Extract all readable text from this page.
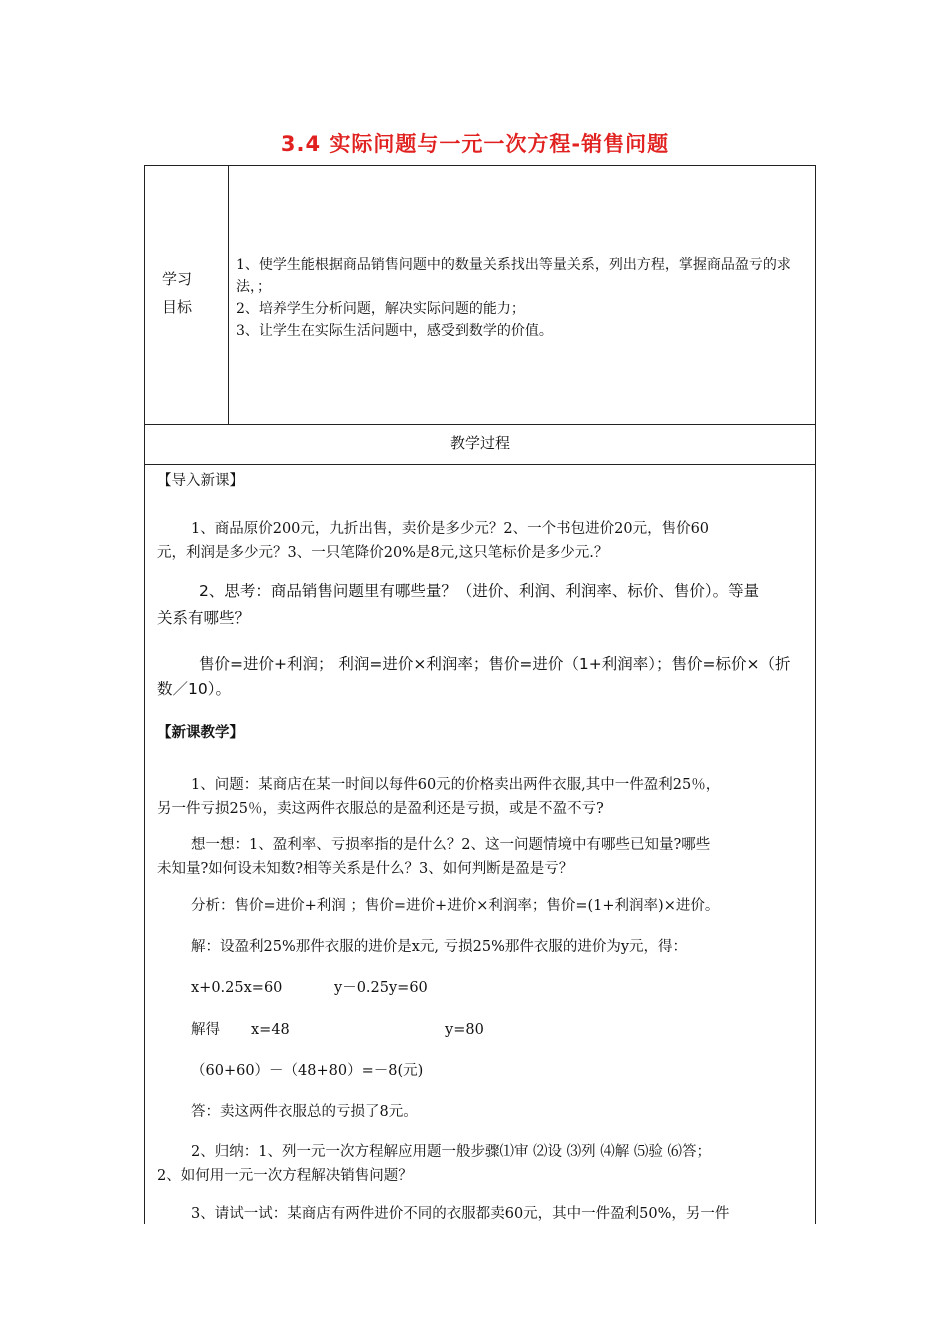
3.4 实际问题与一元一次方程-销售问题
学习
目标
1、使学生能根据商品销售问题中的数量关系找出等量关系，列出方程，掌握商品盈亏的求法，；
2、培养学生分析问题，解决实际问题的能力；
3、让学生在实际生活问题中，感受到数学的价值。
教学过程
【导入新课】
1、商品原价200元，九折出售，卖价是多少元？2、一个书包进价20元，售价60
元，利润是多少元？3、一只笔降价20%是8元,这只笔标价是多少元.？
2、思考：商品销售问题里有哪些量？（进价、利润、利润率、标价、售价）。等量
关系有哪些？
售价=进价+利润； 利润=进价×利润率；售价=进价（1+利润率）；售价=标价×（折
数／10）。
【新课教学】
1、问题：某商店在某一时间以每件60元的价格卖出两件衣服,其中一件盈利25％，
另一件亏损25％，卖这两件衣服总的是盈利还是亏损，或是不盈不亏?
想一想：1、盈利率、亏损率指的是什么？2、这一问题情境中有哪些已知量?哪些
未知量?如何设未知数?相等关系是什么？3、如何判断是盈是亏？
分析：售价=进价+利润 ；售价=进价+进价×利润率；售价=(1+利润率)×进价。
解：设盈利25%那件衣服的进价是x元, 亏损25%那件衣服的进价为y元，得：
x+0.25x=60	y－0.25y=60
解得 x=48	y=80
（60+60）－（48+80）=－8(元)
答：卖这两件衣服总的亏损了8元。
2、归纳：1、列一元一次方程解应用题一般步骤⑴审 ⑵设 ⑶列 ⑷解 ⑸验 ⑹答；
2、如何用一元一次方程解决销售问题？
3、请试一试：某商店有两件进价不同的衣服都卖60元，其中一件盈利50%，另一件
